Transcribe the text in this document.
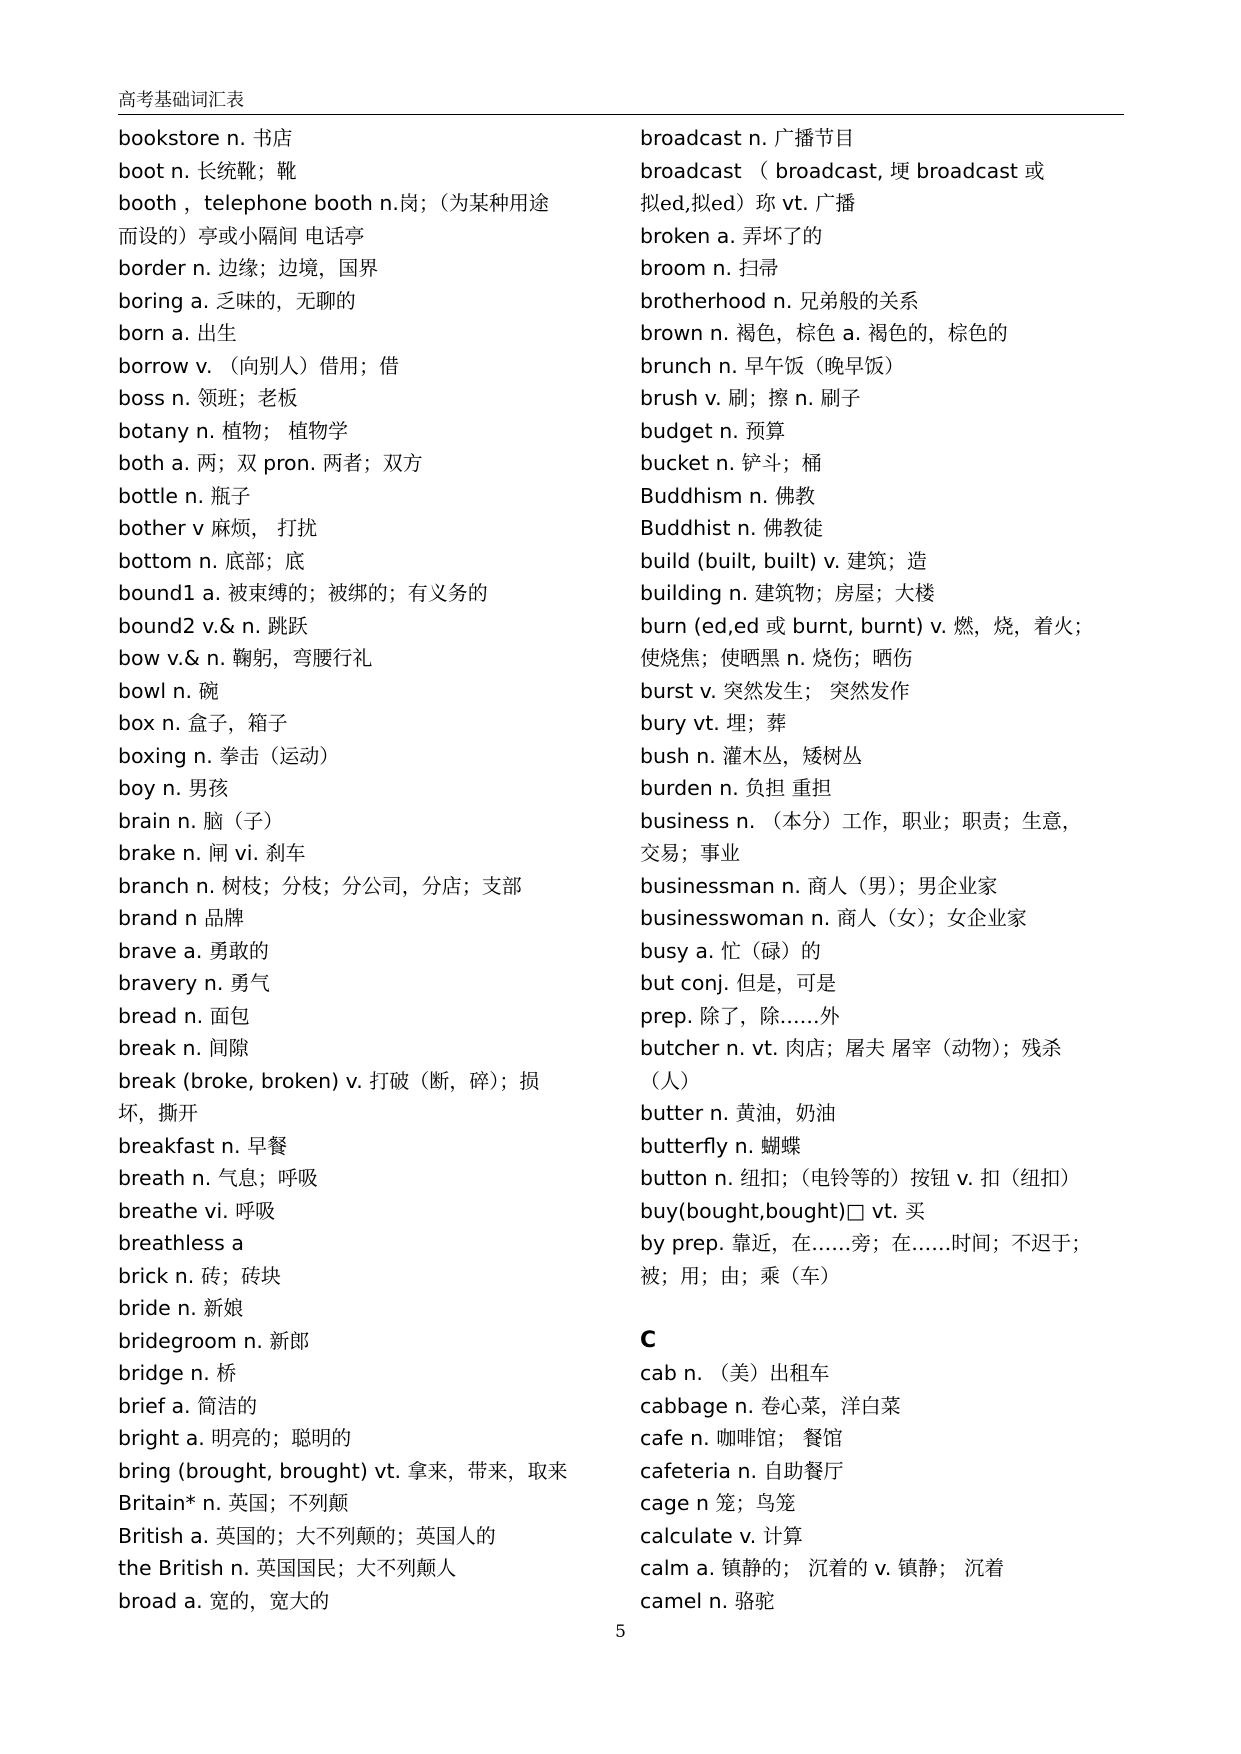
高考基础词汇表
bookstore n. 书店
boot n. 长统靴；靴
booth ，telephone booth n.岗；（为某种用途
而设的）亭或小隔间 电话亭
border n. 边缘；边境，国界
boring a. 乏味的，无聊的
born a. 出生
borrow v. （向别人）借用；借
boss n. 领班；老板
botany n. 植物； 植物学
both a. 两；双 pron. 两者；双方
bottle n. 瓶子
bother v 麻烦， 打扰
bottom n. 底部；底
bound1 a. 被束缚的；被绑的；有义务的
bound2 v.& n. 跳跃
bow v.& n. 鞠躬，弯腰行礼
bowl n. 碗
box n. 盒子，箱子
boxing n. 拳击（运动）
boy n. 男孩
brain n. 脑（子）
brake n. 闸 vi. 刹车
branch n. 树枝；分枝；分公司，分店；支部
brand n 品牌
brave a. 勇敢的
bravery n. 勇气
bread n. 面包
break n. 间隙
break (broke, broken) v. 打破（断，碎）；损
坏，撕开
breakfast n. 早餐
breath n. 气息；呼吸
breathe vi. 呼吸
breathless a
brick n. 砖；砖块
bride n. 新娘
bridegroom n. 新郎
bridge n. 桥
brief a. 简洁的
bright a. 明亮的；聪明的
bring (brought, brought) vt. 拿来，带来，取来
Britain* n. 英国；不列颠
British a. 英国的；大不列颠的；英国人的
the British n. 英国国民；大不列颠人
broad a. 宽的，宽大的
broadcast n. 广播节目
broadcast （ broadcast, 埂 broadcast 或
拟ed,拟ed）珎 vt. 广播
broken a. 弄坏了的
broom n. 扫帚
brotherhood n. 兄弟般的关系
brown n. 褐色，棕色 a. 褐色的，棕色的
brunch n. 早午饭（晚早饭）
brush v. 刷；擦 n. 刷子
budget n. 预算
bucket n. 铲斗；桶
Buddhism n. 佛教
Buddhist n. 佛教徒
build (built, built) v. 建筑；造
building n. 建筑物；房屋；大楼
burn (ed,ed 或 burnt, burnt) v. 燃，烧，着火；
使烧焦；使晒黑 n. 烧伤；晒伤
burst v. 突然发生； 突然发作
bury vt. 埋；葬
bush n. 灌木丛，矮树丛
burden n. 负担 重担
business n. （本分）工作，职业；职责；生意，
交易；事业
businessman n. 商人（男）；男企业家
businesswoman n. 商人（女）；女企业家
busy a. 忙（碌）的
but conj. 但是，可是
prep. 除了，除……外
butcher n. vt. 肉店；屠夫 屠宰（动物）；残杀
（人）
butter n. 黄油，奶油
butterfly n. 蝴蝶
button n. 纽扣；（电铃等的）按钮 v. 扣（纽扣）
buy(bought,bought)□ vt. 买
by prep. 靠近，在……旁；在……时间；不迟于；
被；用；由；乘（车）
C
cab n. （美）出租车
cabbage n. 卷心菜，洋白菜
cafe n. 咖啡馆； 餐馆
cafeteria n. 自助餐厅
cage n 笼；鸟笼
calculate v. 计算
calm a. 镇静的； 沉着的 v. 镇静； 沉着
camel n. 骆驼
5
